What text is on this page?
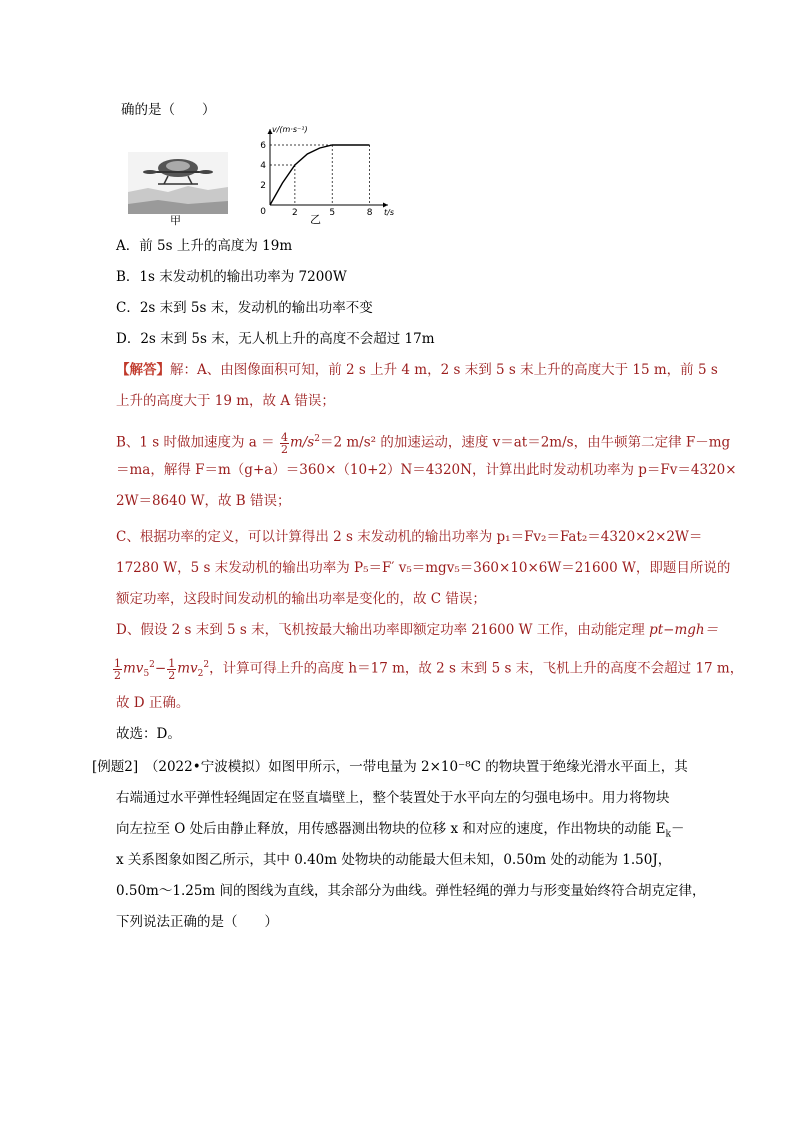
确的是（　　）
甲
2	5	8
2
4
6
0
v/(m·s⁻¹)
t/s
乙
A．前 5s 上升的高度为 19m
B．1s 末发动机的输出功率为 7200W
C．2s 末到 5s 末，发动机的输出功率不变
D．2s 末到 5s 末，无人机上升的高度不会超过 17m
【解答】解：A、由图像面积可知，前 2 s 上升 4 m，2 s 末到 5 s 末上升的高度大于 15 m，前 5 s
上升的高度大于 19 m，故 A 错误；
B、1 s 时做加速度为 $a = \frac{4}{2} m/s^2=2$ m/s² 的加速运动，速度 v＝at＝2m/s，由牛顿第二定律 F－mg
＝ma，解得 F＝m（g+a）＝360×（10+2）N＝4320N，计算出此时发动机功率为 p＝Fv＝4320×
2W＝8640 W，故 B 错误；
C、根据功率的定义，可以计算得出 2 s 末发动机的输出功率为 p₁＝Fv₂＝Fat₂＝4320×2×2W＝
17280 W，5 s 末发动机的输出功率为 P₅＝F′ v₅＝mgv₅＝360×10×6W＝21600 W，即题目所说的
额定功率，这段时间发动机的输出功率是变化的，故 C 错误；
D、假设 2 s 末到 5 s 末，飞机按最大输出功率即额定功率 21600 W 工作，由动能定理 pt−mgh＝
$\frac{1}{2} mv_5^2- \frac{1}{2} mv_2^2$，计算可得上升的高度 h＝17 m，故 2 s 末到 5 s 末，飞机上升的高度不会超过 17 m，
故 D 正确。
故选：D。
[例题2]　 （2022•宁波模拟）如图甲所示，一带电量为 2×10⁻⁸C 的物块置于绝缘光滑水平面上，其
右端通过水平弹性轻绳固定在竖直墙壁上，整个装置处于水平向左的匀强电场中。用力将物块
向左拉至 O 处后由静止释放，用传感器测出物块的位移 x 和对应的速度，作出物块的动能 $E_k-$
x 关系图象如图乙所示，其中 0.40m 处物块的动能最大但未知，0.50m 处的动能为 1.50J，
0.50m～1.25m 间的图线为直线，其余部分为曲线。弹性轻绳的弹力与形变量始终符合胡克定律，
下列说法正确的是（　　）
